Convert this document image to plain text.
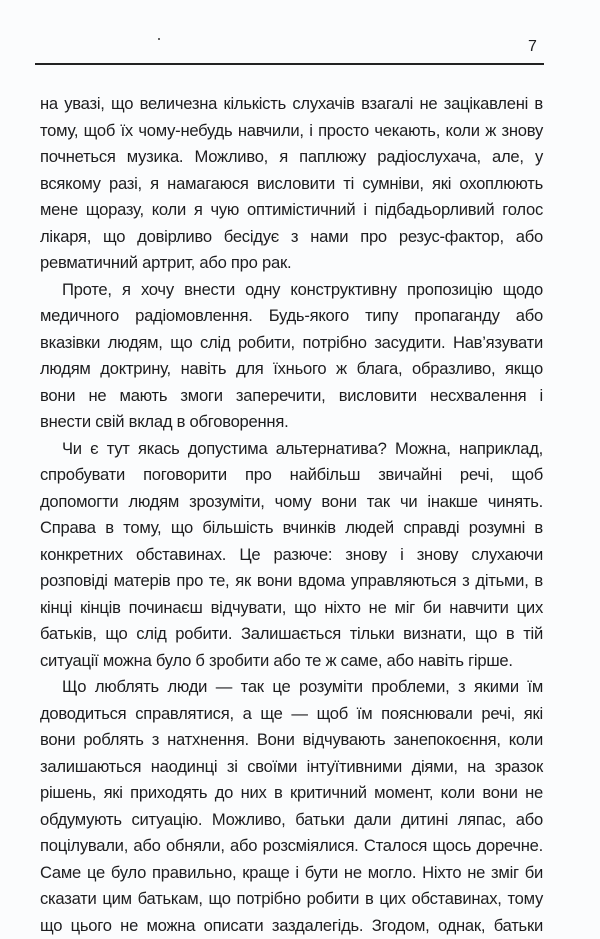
7
на увазі, що величезна кількість слухачів взагалі не зацікавлені в
тому, щоб їх чому-небудь навчили, і просто чекають, коли ж знову
почнеться музика. Можливо, я паплюжу радіослухача, але, у
всякому разі, я намагаюся висловити ті сумніви, які охоплюють
мене щоразу, коли я чую оптимістичний і підбадьорливий голос
лікаря, що довірливо бесідує з нами про резус-фактор, або
ревматичний артрит, або про рак.
Проте, я хочу внести одну конструктивну пропозицію щодо
медичного радіомовлення. Будь-якого типу пропаганду або
вказівки людям, що слід робити, потрібно засудити. Нав’язувати
людям доктрину, навіть для їхнього ж блага, образливо, якщо
вони не мають змоги заперечити, висловити несхвалення і
внести свій вклад в обговорення.
Чи є тут якась допустима альтернатива? Можна, наприклад,
спробувати поговорити про найбільш звичайні речі, щоб
допомогти людям зрозуміти, чому вони так чи інакше чинять.
Справа в тому, що більшість вчинків людей справді розумні в
конкретних обставинах. Це разюче: знову і знову слухаючи
розповіді матерів про те, як вони вдома управляються з дітьми, в
кінці кінців починаєш відчувати, що ніхто не міг би навчити цих
батьків, що слід робити. Залишається тільки визнати, що в тій
ситуації можна було б зробити або те ж саме, або навіть гірше.
Що люблять люди — так це розуміти проблеми, з якими їм
доводиться справлятися, а ще — щоб їм пояснювали речі, які
вони роблять з натхнення. Вони відчувають занепокоєння, коли
залишаються наодинці зі своїми інтуїтивними діями, на зразок
рішень, які приходять до них в критичний момент, коли вони не
обдумують ситуацію. Можливо, батьки дали дитині ляпас, або
поцілували, або обняли, або розсміялися. Сталося щось доречне.
Саме це було правильно, краще і бути не могло. Ніхто не зміг би
сказати цим батькам, що потрібно робити в цих обставинах, тому
що цього не можна описати заздалегідь. Згодом, однак, батьки
